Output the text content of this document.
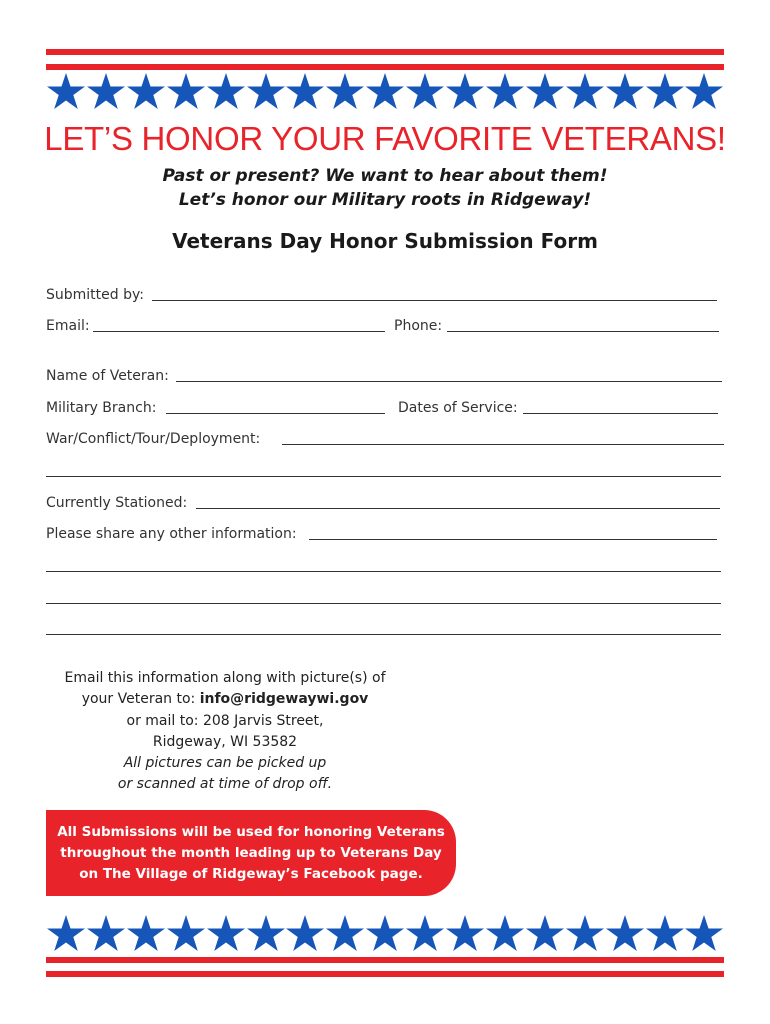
LET’S HONOR YOUR FAVORITE VETERANS!
Past or present? We want to hear about them!
Let’s honor our Military roots in Ridgeway!
Veterans Day Honor Submission Form
Submitted by:
Email:	Phone:
Name of Veteran:
Military Branch:	Dates of Service:
War/Conflict/Tour/Deployment:
Currently Stationed:
Please share any other information:
Email this information along with picture(s) of
your Veteran to: info@ridgewaywi.gov
or mail to: 208 Jarvis Street,
Ridgeway, WI 53582
All pictures can be picked up
or scanned at time of drop off.
All Submissions will be used for honoring Veterans
throughout the month leading up to Veterans Day
on The Village of Ridgeway’s Facebook page.
